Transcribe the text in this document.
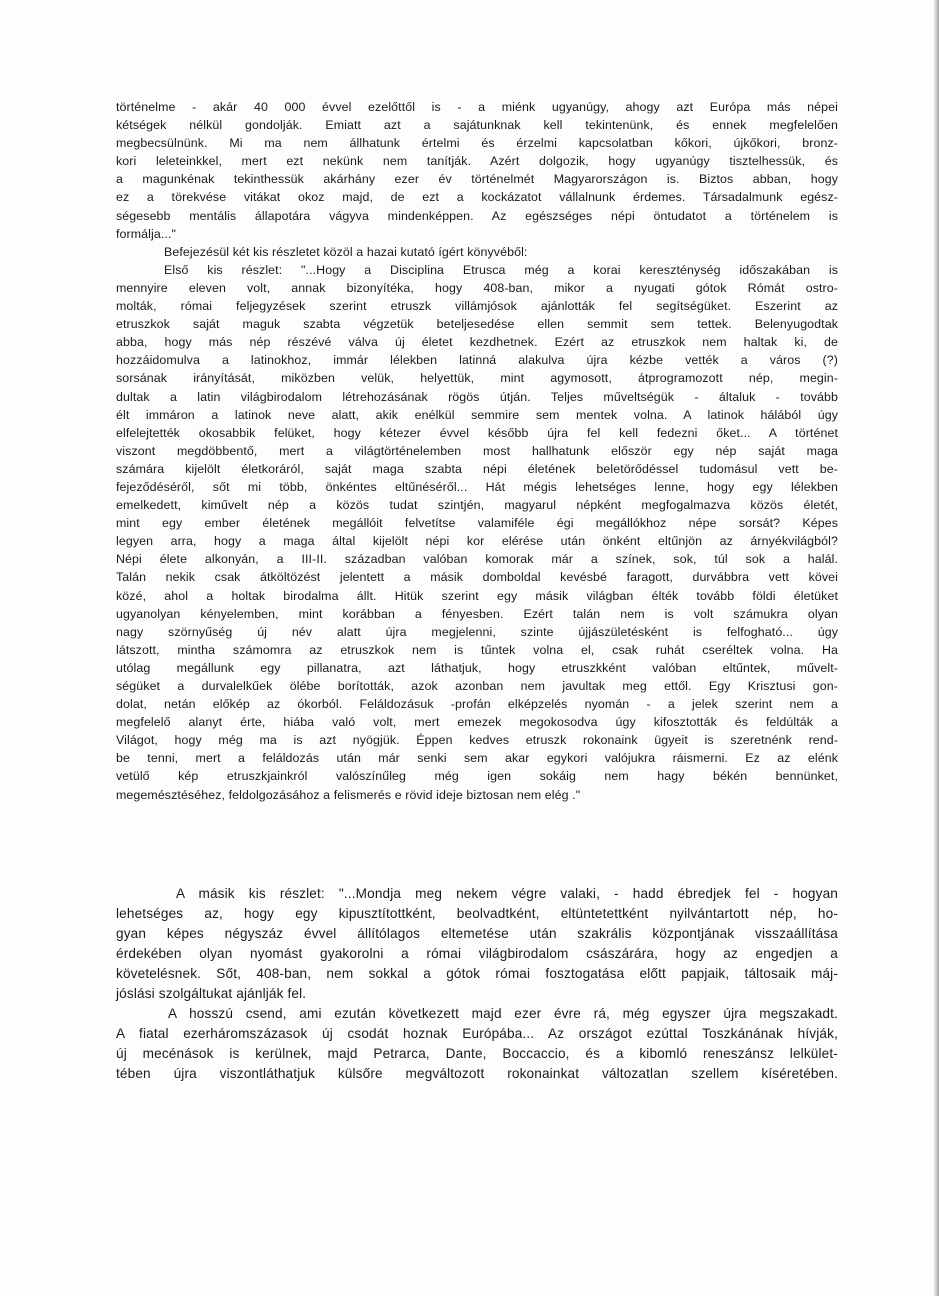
történelme - akár 40 000 évvel ezelőttől is - a miénk ugyanúgy, ahogy azt Európa más népei
kétségek nélkül gondolják. Emiatt azt a sajátunknak kell tekintenünk, és ennek megfelelően
megbecsülnünk. Mi ma nem állhatunk értelmi és érzelmi kapcsolatban kőkori, újkőkori, bronz-
kori leleteinkkel, mert ezt nekünk nem tanítják. Azért dolgozik, hogy ugyanúgy tisztelhessük, és
a magunkénak tekinthessük akárhány ezer év történelmét Magyarországon is. Biztos abban, hogy
ez a törekvése vitákat okoz majd, de ezt a kockázatot vállalnunk érdemes. Társadalmunk egész-
ségesebb mentális állapotára vágyva mindenképpen. Az egészséges népi öntudatot a történelem is
formálja..."
Befejezésül két kis részletet közöl a hazai kutató ígért könyvéből:
Első kis részlet: "...Hogy a Disciplina Etrusca még a korai kereszténység időszakában is
mennyire eleven volt, annak bizonyítéka, hogy 408-ban, mikor a nyugati gótok Rómát ostro-
molták, római feljegyzések szerint etruszk villámjósok ajánlották fel segítségüket. Eszerint az
etruszkok saját maguk szabta végzetük beteljesedése ellen semmit sem tettek. Belenyugodtak
abba, hogy más nép részévé válva új életet kezdhetnek. Ezért az etruszkok nem haltak ki, de
hozzáidomulva a latinokhoz, immár lélekben latinná alakulva újra kézbe vették a város (?)
sorsának irányítását, miközben velük, helyettük, mint agymosott, átprogramozott nép, megin-
dultak a latin világbirodalom létrehozásának rögös útján. Teljes műveltségük - általuk - tovább
élt immáron a latinok neve alatt, akik enélkül semmire sem mentek volna. A latinok hálából úgy
elfelejtették okosabbik felüket, hogy kétezer évvel később újra fel kell fedezni őket... A történet
viszont megdöbbentő, mert a világtörténelemben most hallhatunk először egy nép saját maga
számára kijelölt életkoráról, saját maga szabta népi életének beletörődéssel tudomásul vett be-
fejeződéséről, sőt mi több, önkéntes eltűnéséről... Hát mégis lehetséges lenne, hogy egy lélekben
emelkedett, kiművelt nép a közös tudat szintjén, magyarul népként megfogalmazva közös életét,
mint egy ember életének megállóit felvetítse valamiféle égi megállókhoz népe sorsát? Képes
legyen arra, hogy a maga által kijelölt népi kor elérése után önként eltűnjön az árnyékvilágból?
Népi élete alkonyán, a III-II. században valóban komorak már a színek, sok, túl sok a halál.
Talán nekik csak átköltözést jelentett a másik domboldal kevésbé faragott, durvábbra vett kövei
közé, ahol a holtak birodalma állt. Hitük szerint egy másik világban élték tovább földi életüket
ugyanolyan kényelemben, mint korábban a fényesben. Ezért talán nem is volt számukra olyan
nagy szörnyűség új név alatt újra megjelenni, szinte újjászületésként is felfogható... úgy
látszott, mintha számomra az etruszkok nem is tűntek volna el, csak ruhát cseréltek volna. Ha
utólag megállunk egy pillanatra, azt láthatjuk, hogy etruszkként valóban eltűntek, művelt-
ségüket a durvalelkűek ölébe borították, azok azonban nem javultak meg ettől. Egy Krisztusi gon-
dolat, netán előkép az ókorból. Feláldozásuk -profán elképzelés nyomán - a jelek szerint nem a
megfelelő alanyt érte, hiába való volt, mert emezek megokosodva úgy kifosztották és feldúlták a
Világot, hogy még ma is azt nyögjük. Éppen kedves etruszk rokonaink ügyeit is szeretnénk rend-
be tenni, mert a feláldozás után már senki sem akar egykori valójukra ráismerni. Ez az elénk
vetülő kép etruszkjainkról valószínűleg még igen sokáig nem hagy békén bennünket,
megemésztéséhez, feldolgozásához a felismerés e rövid ideje biztosan nem elég ."
A másik kis részlet: "...Mondja meg nekem végre valaki, - hadd ébredjek fel - hogyan
lehetséges az, hogy egy kipusztítottként, beolvadtként, eltüntetettként nyilvántartott nép, ho-
gyan képes négyszáz évvel állítólagos eltemetése után szakrális központjának visszaállítása
érdekében olyan nyomást gyakorolni a római világbirodalom császárára, hogy az engedjen a
követelésnek. Sőt, 408-ban, nem sokkal a gótok római fosztogatása előtt papjaik, táltosaik máj-
jóslási szolgáltukat ajánlják fel.
A hosszú csend, ami ezután következett majd ezer évre rá, még egyszer újra megszakadt.
A fiatal ezerháromszázasok új csodát hoznak Európába... Az országot ezúttal Toszkánának hívják,
új mecénások is kerülnek, majd Petrarca, Dante, Boccaccio, és a kibomló reneszánsz lelkület-
tében újra viszontláthatjuk külsőre megváltozott rokonainkat változatlan szellem kíséretében.
